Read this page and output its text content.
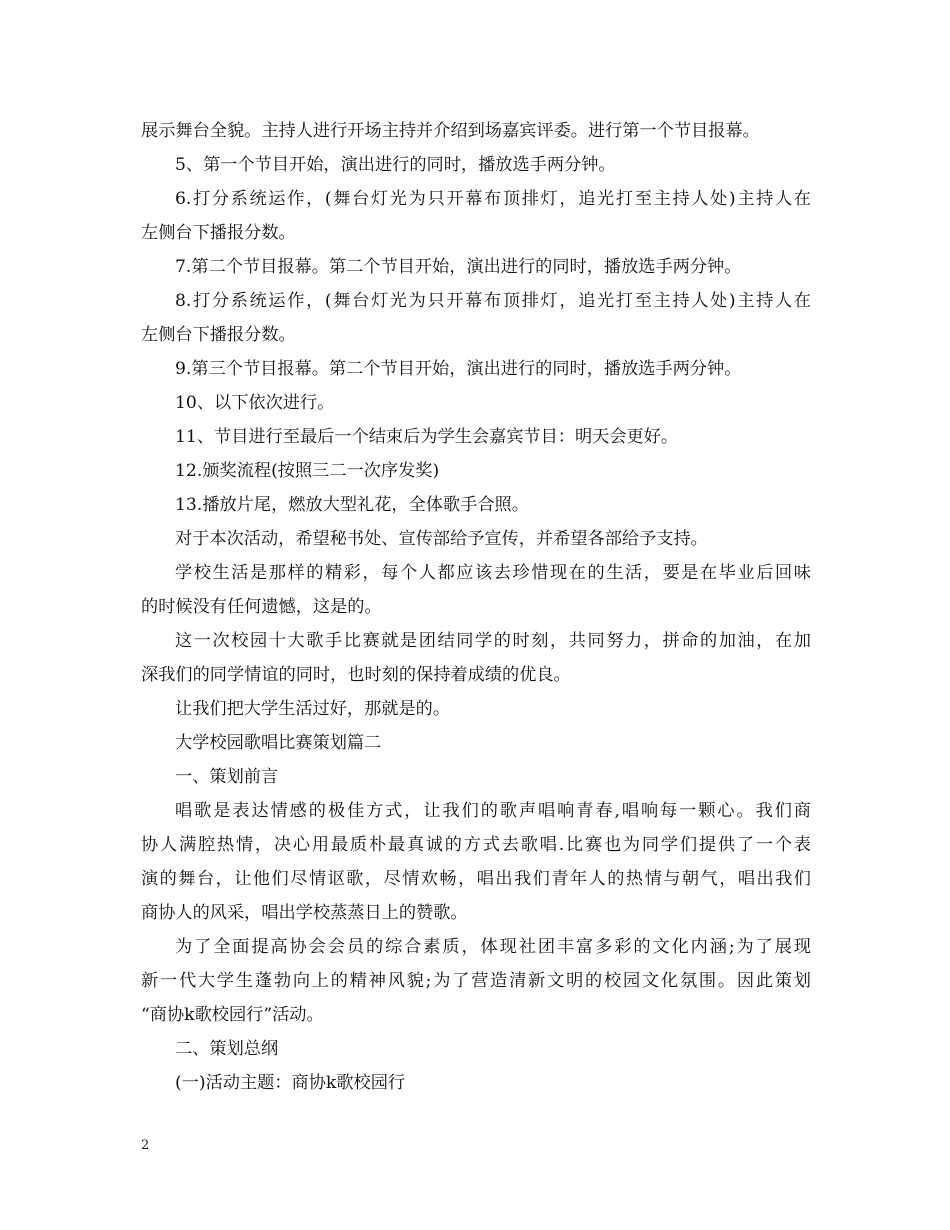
展示舞台全貌。主持人进行开场主持并介绍到场嘉宾评委。进行第一个节目报幕。
5、第一个节目开始，演出进行的同时，播放选手两分钟。
6.打分系统运作，(舞台灯光为只开幕布顶排灯，追光打至主持人处)主持人在
左侧台下播报分数。
7.第二个节目报幕。第二个节目开始，演出进行的同时，播放选手两分钟。
8.打分系统运作，(舞台灯光为只开幕布顶排灯，追光打至主持人处)主持人在
左侧台下播报分数。
9.第三个节目报幕。第二个节目开始，演出进行的同时，播放选手两分钟。
10、以下依次进行。
11、节目进行至最后一个结束后为学生会嘉宾节目：明天会更好。
12.颁奖流程(按照三二一次序发奖)
13.播放片尾，燃放大型礼花，全体歌手合照。
对于本次活动，希望秘书处、宣传部给予宣传，并希望各部给予支持。
学校生活是那样的精彩，每个人都应该去珍惜现在的生活，要是在毕业后回味
的时候没有任何遗憾，这是的。
这一次校园十大歌手比赛就是团结同学的时刻，共同努力，拼命的加油，在加
深我们的同学情谊的同时，也时刻的保持着成绩的优良。
让我们把大学生活过好，那就是的。
大学校园歌唱比赛策划篇二
一、策划前言
唱歌是表达情感的极佳方式，让我们的歌声唱响青春,唱响每一颗心。我们商
协人满腔热情，决心用最质朴最真诚的方式去歌唱.比赛也为同学们提供了一个表
演的舞台，让他们尽情讴歌，尽情欢畅，唱出我们青年人的热情与朝气，唱出我们
商协人的风采，唱出学校蒸蒸日上的赞歌。
为了全面提高协会会员的综合素质，体现社团丰富多彩的文化内涵;为了展现
新一代大学生蓬勃向上的精神风貌;为了营造清新文明的校园文化氛围。因此策划
“商协k歌校园行”活动。
二、策划总纲
(一)活动主题：商协k歌校园行
2
